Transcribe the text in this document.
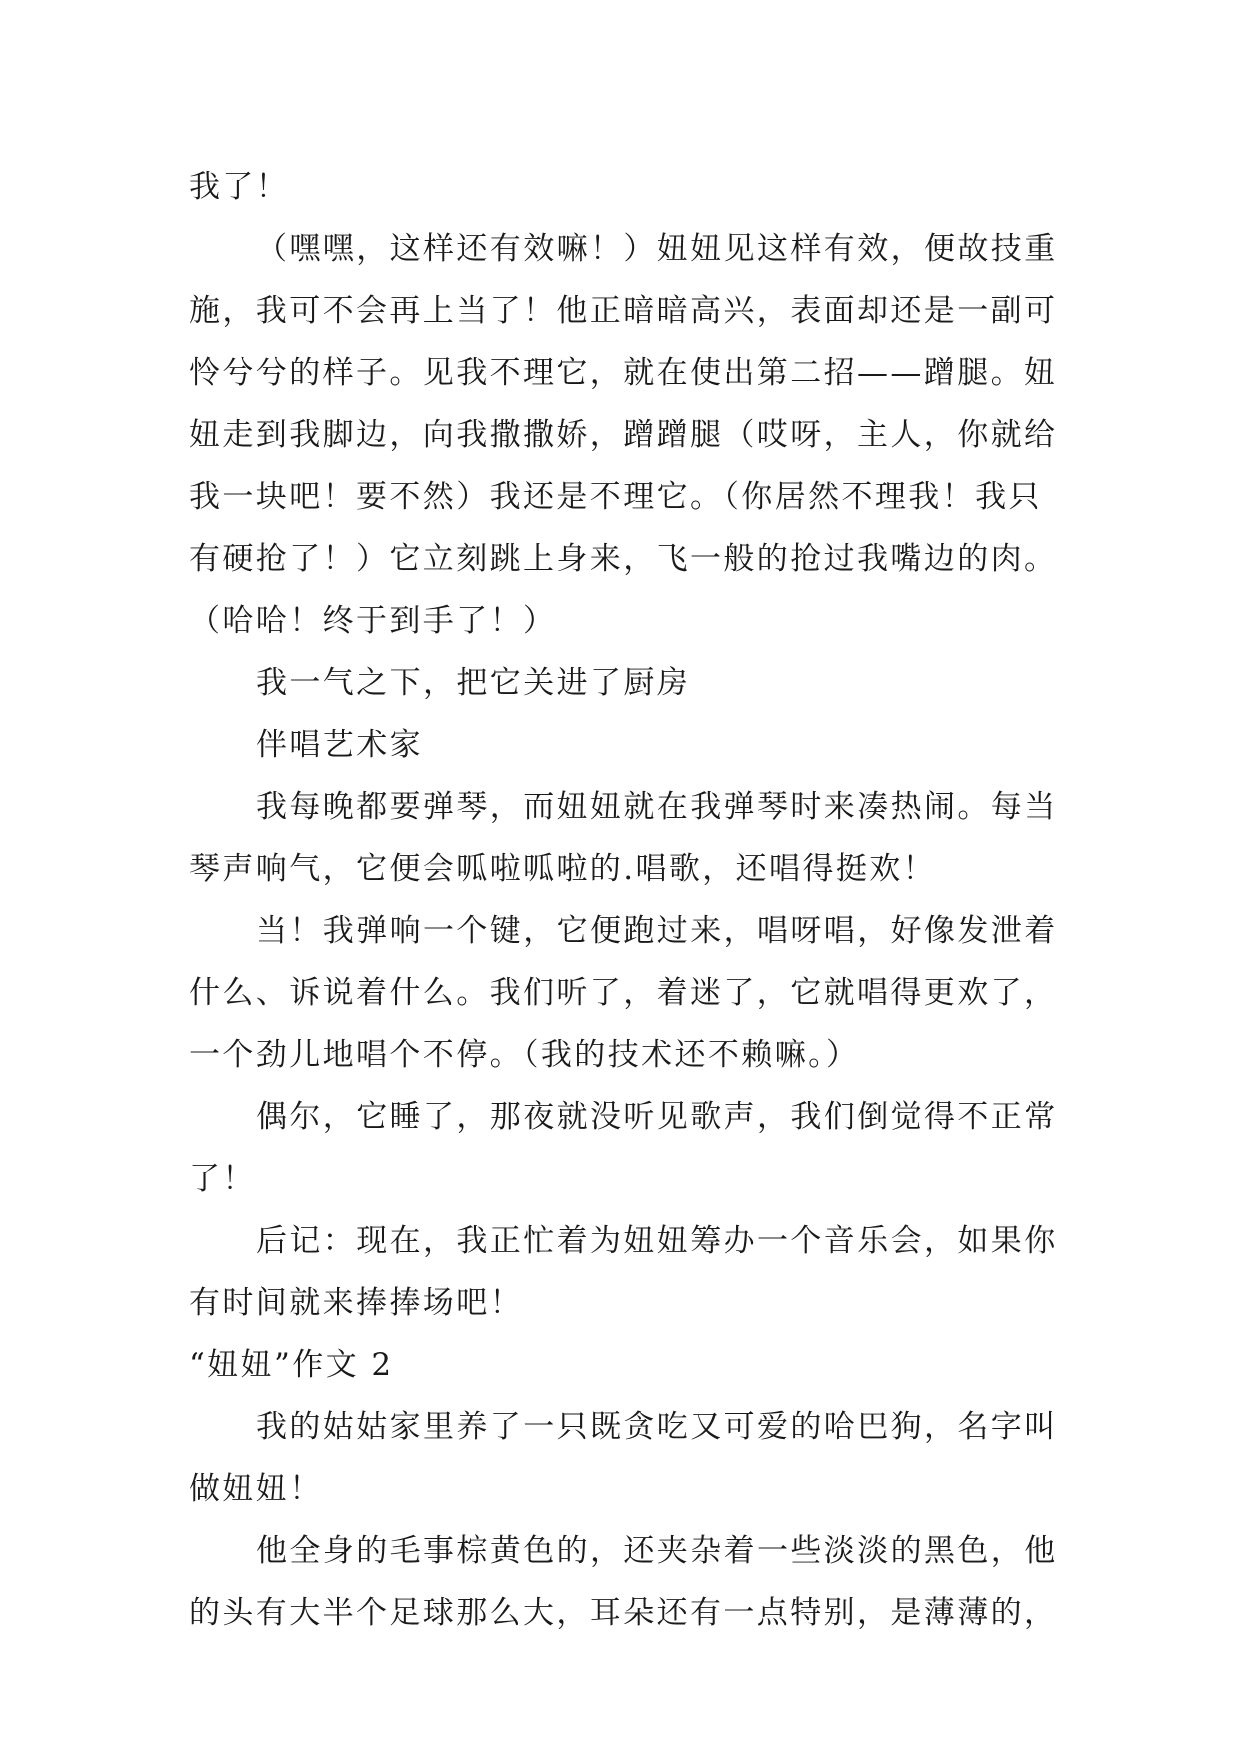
我了！

（嘿嘿，这样还有效嘛！）妞妞见这样有效，便故技重施，我可不会再上当了！他正暗暗高兴，表面却还是一副可怜兮兮的样子。见我不理它，就在使出第二招——蹭腿。妞妞走到我脚边，向我撒撒娇，蹭蹭腿（哎呀，主人，你就给我一块吧！要不然）我还是不理它。（你居然不理我！我只有硬抢了！）它立刻跳上身来，飞一般的抢过我嘴边的肉。（哈哈！终于到手了！）

我一气之下，把它关进了厨房

伴唱艺术家

我每晚都要弹琴，而妞妞就在我弹琴时来凑热闹。每当琴声响气，它便会呱啦呱啦的.唱歌，还唱得挺欢！

当！我弹响一个键，它便跑过来，唱呀唱，好像发泄着什么、诉说着什么。我们听了，着迷了，它就唱得更欢了，一个劲儿地唱个不停。（我的技术还不赖嘛。）

偶尔，它睡了，那夜就没听见歌声，我们倒觉得不正常了！

后记：现在，我正忙着为妞妞筹办一个音乐会，如果你有时间就来捧捧场吧！

“妞妞”作文 2

我的姑姑家里养了一只既贪吃又可爱的哈巴狗，名字叫做妞妞！

他全身的毛事棕黄色的，还夹杂着一些淡淡的黑色，他的头有大半个足球那么大，耳朵还有一点特别，是薄薄的，
